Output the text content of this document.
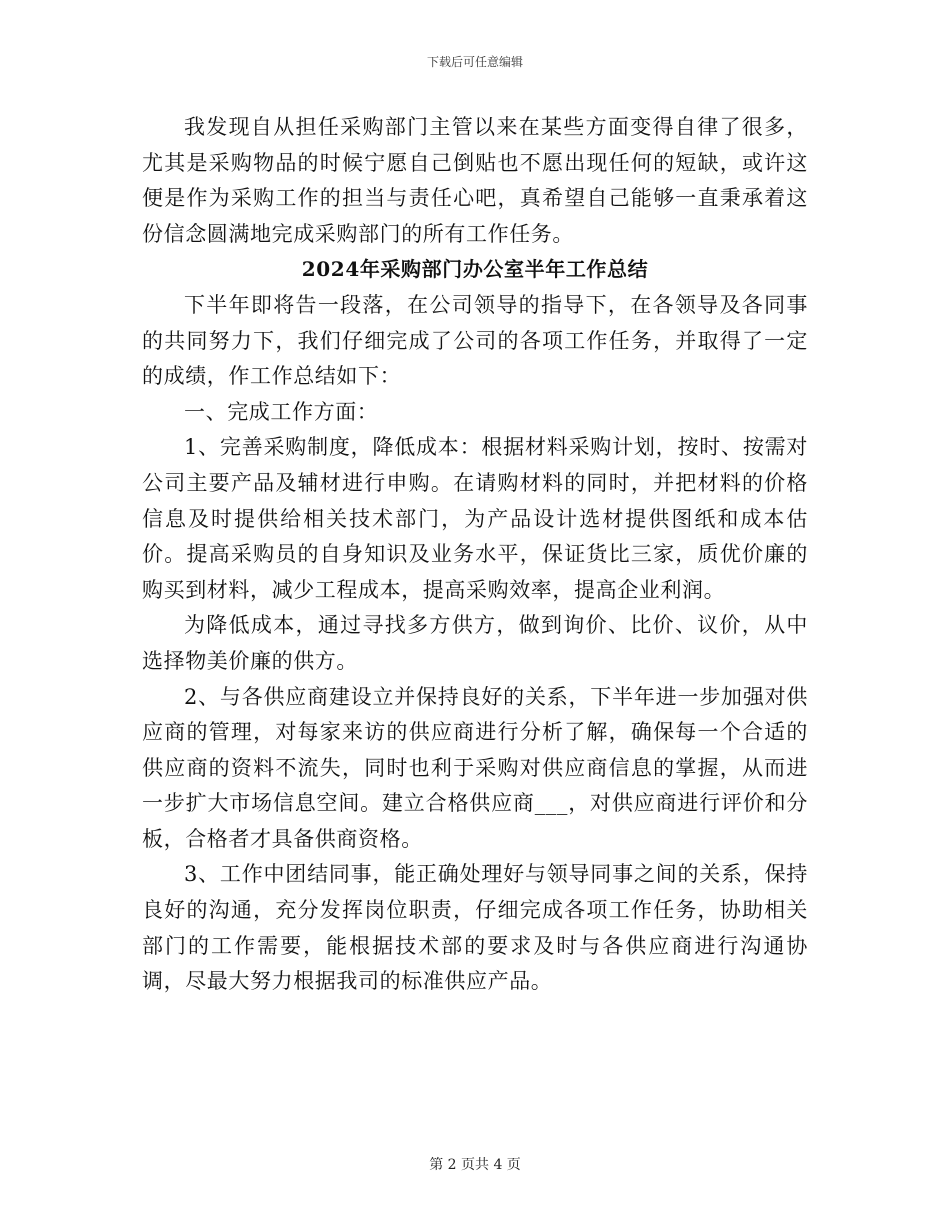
下载后可任意编辑

我发现自从担任采购部门主管以来在某些方面变得自律了很多，尤其是采购物品的时候宁愿自己倒贴也不愿出现任何的短缺，或许这便是作为采购工作的担当与责任心吧，真希望自己能够一直秉承着这份信念圆满地完成采购部门的所有工作任务。

2024年采购部门办公室半年工作总结

下半年即将告一段落，在公司领导的指导下，在各领导及各同事的共同努力下，我们仔细完成了公司的各项工作任务，并取得了一定的成绩，作工作总结如下：

一、完成工作方面：

1、完善采购制度，降低成本：根据材料采购计划，按时、按需对公司主要产品及辅材进行申购。在请购材料的同时，并把材料的价格信息及时提供给相关技术部门，为产品设计选材提供图纸和成本估价。提高采购员的自身知识及业务水平，保证货比三家，质优价廉的购买到材料，减少工程成本，提高采购效率，提高企业利润。

为降低成本，通过寻找多方供方，做到询价、比价、议价，从中选择物美价廉的供方。

2、与各供应商建设立并保持良好的关系，下半年进一步加强对供应商的管理，对每家来访的供应商进行分析了解，确保每一个合适的供应商的资料不流失，同时也利于采购对供应商信息的掌握，从而进一步扩大市场信息空间。建立合格供应商___，对供应商进行评价和分板，合格者才具备供商资格。

3、工作中团结同事，能正确处理好与领导同事之间的关系，保持良好的沟通，充分发挥岗位职责，仔细完成各项工作任务，协助相关部门的工作需要，能根据技术部的要求及时与各供应商进行沟通协调，尽最大努力根据我司的标准供应产品。

第 2 页共 4 页
